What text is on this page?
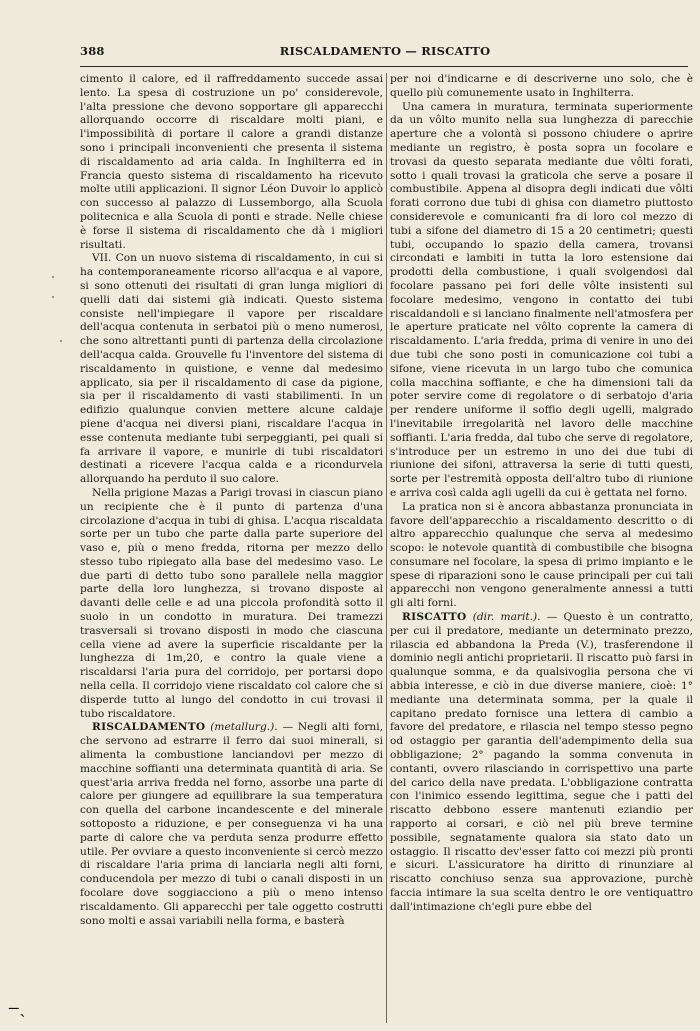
388	RISCALDAMENTO — RISCATTO

cimento il calore, ed il raffreddamento succede assai lento. La spesa di costruzione un po' considerevole, l'alta pressione che devono sopportare gli apparecchi allorquando occorre di riscaldare molti piani, e l'impossibilità di portare il calore a grandi distanze sono i principali inconvenienti che presenta il sistema di riscaldamento ad aria calda. In Inghilterra ed in Francia questo sistema di riscaldamento ha ricevuto molte utili applicazioni. Il signor Léon Duvoir lo applicò con successo al palazzo di Lussemborgo, alla Scuola politecnica e alla Scuola di ponti e strade. Nelle chiese è forse il sistema di riscaldamento che dà i migliori risultati.

VII. Con un nuovo sistema di riscaldamento, in cui si ha contemporaneamente ricorso all'acqua e al vapore, si sono ottenuti dei risultati di gran lunga migliori di quelli dati dai sistemi già indicati. Questo sistema consiste nell'impiegare il vapore per riscaldare dell'acqua contenuta in serbatoi più o meno numerosi, che sono altrettanti punti di partenza della circolazione dell'acqua calda. Grouvelle fu l'inventore del sistema di riscaldamento in quistione, e venne dal medesimo applicato, sia per il riscaldamento di case da pigione, sia per il riscaldamento di vasti stabilimenti. In un edifizio qualunque convien mettere alcune caldaje piene d'acqua nei diversi piani, riscaldare l'acqua in esse contenuta mediante tubi serpeggianti, pei quali si fa arrivare il vapore, e munirle di tubi riscaldatori destinati a ricevere l'acqua calda e a ricondurvela allorquando ha perduto il suo calore.

Nella prigione Mazas a Parigi trovasi in ciascun piano un recipiente che è il punto di partenza d'una circolazione d'acqua in tubi di ghisa. L'acqua riscaldata sorte per un tubo che parte dalla parte superiore del vaso e, più o meno fredda, ritorna per mezzo dello stesso tubo ripiegato alla base del medesimo vaso. Le due parti di detto tubo sono parallele nella maggior parte della loro lunghezza, si trovano disposte al davanti delle celle e ad una piccola profondità sotto il suolo in un condotto in muratura. Dei tramezzi trasversali si trovano disposti in modo che ciascuna cella viene ad avere la superficie riscaldante per la lunghezza di 1m,20, e contro la quale viene a riscaldarsi l'aria pura del corridojo, per portarsi dopo nella cella. Il corridojo viene riscaldato col calore che si disperde tutto al lungo del condotto in cui trovasi il tubo riscaldatore.

RISCALDAMENTO (metallurg.). — Negli alti forni, che servono ad estrarre il ferro dai suoi minerali, si alimenta la combustione lanciandovi per mezzo di macchine soffianti una determinata quantità di aria. Se quest'aria arriva fredda nel forno, assorbe una parte di calore per giungere ad equilibrare la sua temperatura con quella del carbone incandescente e del minerale sottoposto a riduzione, e per conseguenza vi ha una parte di calore che va perduta senza produrre effetto utile. Per ovviare a questo inconveniente si cercò mezzo di riscaldare l'aria prima di lanciarla negli alti forni, conducendola per mezzo di tubi o canali disposti in un focolare dove soggiacciono a più o meno intenso riscaldamento. Gli apparecchi per tale oggetto costrutti sono molti e assai variabili nella forma, e basterà

per noi d'indicarne e di descriverne uno solo, che è quello più comunemente usato in Inghilterra.

Una camera in muratura, terminata superiormente da un vôlto munito nella sua lunghezza di parecchie aperture che a volontà si possono chiudere o aprire mediante un registro, è posta sopra un focolare e trovasi da questo separata mediante due vôlti forati, sotto i quali trovasi la graticola che serve a posare il combustibile. Appena al disopra degli indicati due vôlti forati corrono due tubi di ghisa con diametro piuttosto considerevole e comunicanti fra di loro col mezzo di tubi a sifone del diametro di 15 a 20 centimetri; questi tubi, occupando lo spazio della camera, trovansi circondati e lambiti in tutta la loro estensione dai prodotti della combustione, i quali svolgendosi dal focolare passano pei fori delle vôlte insistenti sul focolare medesimo, vengono in contatto dei tubi riscaldandoli e si lanciano finalmente nell'atmosfera per le aperture praticate nel vôlto coprente la camera di riscaldamento. L'aria fredda, prima di venire in uno dei due tubi che sono posti in comunicazione coi tubi a sifone, viene ricevuta in un largo tubo che comunica colla macchina soffiante, e che ha dimensioni tali da poter servire come di regolatore o di serbatojo d'aria per rendere uniforme il soffio degli ugelli, malgrado l'inevitabile irregolarità nel lavoro delle macchine soffianti. L'aria fredda, dal tubo che serve di regolatore, s'introduce per un estremo in uno dei due tubi di riunione dei sifoni, attraversa la serie di tutti questi, sorte per l'estremità opposta dell'altro tubo di riunione e arriva così calda agli ugelli da cui è gettata nel forno.

La pratica non si è ancora abbastanza pronunciata in favore dell'apparecchio a riscaldamento descritto o di altro apparecchio qualunque che serva al medesimo scopo: le notevole quantità di combustibile che bisogna consumare nel focolare, la spesa di primo impianto e le spese di riparazioni sono le cause principali per cui tali apparecchi non vengono generalmente annessi a tutti gli alti forni.

RISCATTO (dir. marit.). — Questo è un contratto, per cui il predatore, mediante un determinato prezzo, rilascia ed abbandona la Preda (V.), trasferendone il dominio negli antichi proprietarii. Il riscatto può farsi in qualunque somma, e da qualsivoglia persona che vi abbia interesse, e ciò in due diverse maniere, cioè: 1° mediante una determinata somma, per la quale il capitano predato fornisce una lettera di cambio a favore del predatore, e rilascia nel tempo stesso pegno od ostaggio per garantia dell'adempimento della sua obbligazione; 2° pagando la somma convenuta in contanti, ovvero rilasciando in corrispettivo una parte del carico della nave predata. L'obbligazione contratta con l'inimico essendo legittima, segue che i patti del riscatto debbono essere mantenuti eziandio per rapporto ai corsari, e ciò nel più breve termine possibile, segnatamente qualora sia stato dato un ostaggio. Il riscatto dev'esser fatto coi mezzi più pronti e sicuri. L'assicuratore ha diritto di rinunziare al riscatto conchiuso senza sua approvazione, purchè faccia intimare la sua scelta dentro le ore ventiquattro dall'intimazione ch'egli pure ebbe del

‒ˎ
